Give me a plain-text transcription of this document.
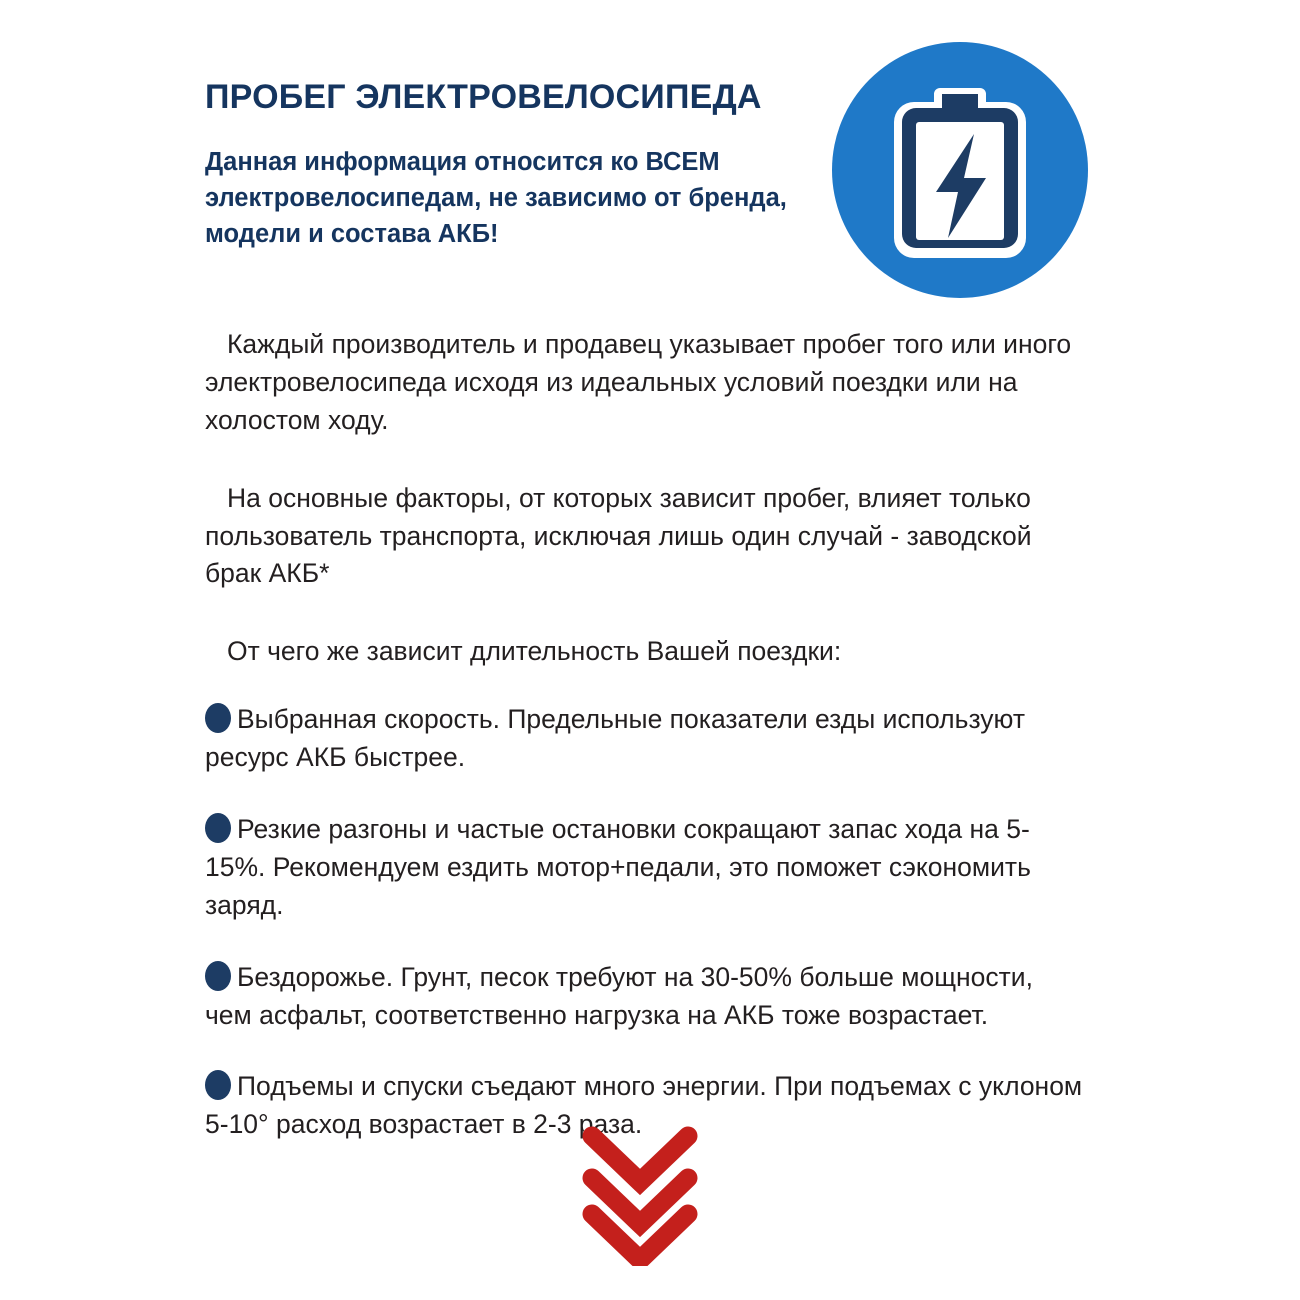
ПРОБЕГ ЭЛЕКТРОВЕЛОСИПЕДА

Данная информация относится ко ВСЕМ электровелосипедам, не зависимо от бренда, модели и состава АКБ!

Каждый производитель и продавец указывает пробег того или иного электровелосипеда исходя из идеальных условий поездки или на холостом ходу.

На основные факторы, от которых зависит пробег, влияет только пользователь транспорта, исключая лишь один случай - заводской брак АКБ*

От чего же зависит длительность Вашей поездки:

Выбранная скорость. Предельные показатели езды используют ресурс АКБ быстрее.
Резкие разгоны и частые остановки сокращают запас хода на 5-15%. Рекомендуем ездить мотор+педали, это поможет сэкономить заряд.
Бездорожье. Грунт, песок требуют на 30-50% больше мощности, чем асфальт, соответственно нагрузка на АКБ тоже возрастает.
Подъемы и спуски съедают много энергии. При подъемах с уклоном 5-10° расход возрастает в 2-3 раза.
